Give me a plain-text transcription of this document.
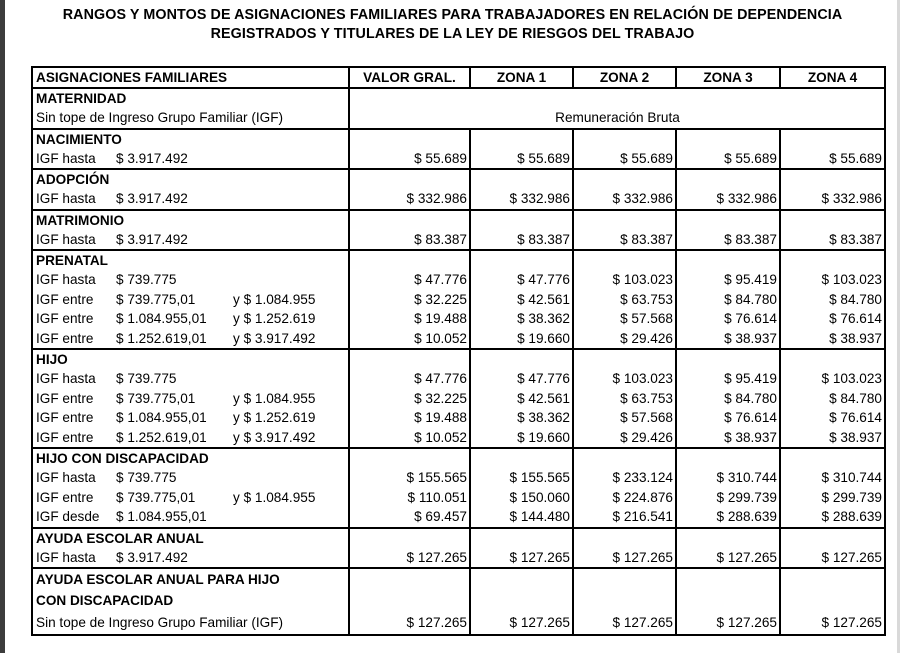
RANGOS Y MONTOS DE ASIGNACIONES FAMILIARES PARA TRABAJADORES EN RELACIÓN DE DEPENDENCIA
REGISTRADOS Y TITULARES DE LA LEY DE RIESGOS DEL TRABAJO
ASIGNACIONES FAMILIARES	VALOR GRAL.	ZONA 1	ZONA 2	ZONA 3	ZONA 4
MATERNIDAD					
Sin tope de Ingreso Grupo Familiar (IGF)	Remuneración Bruta				
NACIMIENTO					
IGF hasta $ 3.917.492	$ 55.689	$ 55.689	$ 55.689	$ 55.689	$ 55.689
ADOPCIÓN					
IGF hasta $ 3.917.492	$ 332.986	$ 332.986	$ 332.986	$ 332.986	$ 332.986
MATRIMONIO					
IGF hasta $ 3.917.492	$ 83.387	$ 83.387	$ 83.387	$ 83.387	$ 83.387
PRENATAL					
IGF hasta $ 739.775	$ 47.776	$ 47.776	$ 103.023	$ 95.419	$ 103.023
IGF entre $ 739.775,01 y $ 1.084.955	$ 32.225	$ 42.561	$ 63.753	$ 84.780	$ 84.780
IGF entre $ 1.084.955,01 y $ 1.252.619	$ 19.488	$ 38.362	$ 57.568	$ 76.614	$ 76.614
IGF entre $ 1.252.619,01 y $ 3.917.492	$ 10.052	$ 19.660	$ 29.426	$ 38.937	$ 38.937
HIJO					
IGF hasta $ 739.775	$ 47.776	$ 47.776	$ 103.023	$ 95.419	$ 103.023
IGF entre $ 739.775,01 y $ 1.084.955	$ 32.225	$ 42.561	$ 63.753	$ 84.780	$ 84.780
IGF entre $ 1.084.955,01 y $ 1.252.619	$ 19.488	$ 38.362	$ 57.568	$ 76.614	$ 76.614
IGF entre $ 1.252.619,01 y $ 3.917.492	$ 10.052	$ 19.660	$ 29.426	$ 38.937	$ 38.937
HIJO CON DISCAPACIDAD					
IGF hasta $ 739.775	$ 155.565	$ 155.565	$ 233.124	$ 310.744	$ 310.744
IGF entre $ 739.775,01 y $ 1.084.955	$ 110.051	$ 150.060	$ 224.876	$ 299.739	$ 299.739
IGF desde $ 1.084.955,01	$ 69.457	$ 144.480	$ 216.541	$ 288.639	$ 288.639
AYUDA ESCOLAR ANUAL					
IGF hasta $ 3.917.492	$ 127.265	$ 127.265	$ 127.265	$ 127.265	$ 127.265
AYUDA ESCOLAR ANUAL PARA HIJO					
CON DISCAPACIDAD					
Sin tope de Ingreso Grupo Familiar (IGF)	$ 127.265	$ 127.265	$ 127.265	$ 127.265	$ 127.265
